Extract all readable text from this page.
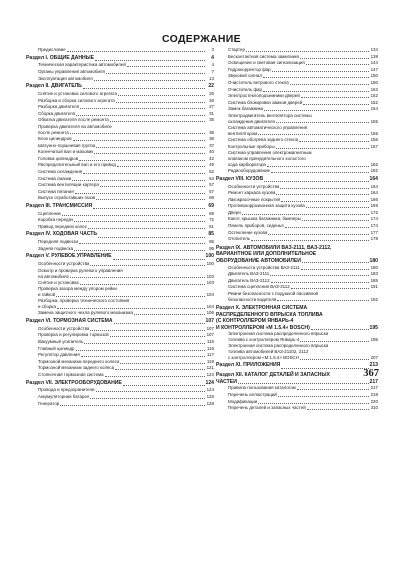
СОДЕРЖАНИЕ
Предисловие	3
Раздел I. ОБЩИЕ ДАННЫЕ	4
Техническая характеристика автомобилей	4
Органы управления автомобиля	7
Эксплуатация автомобиля	13
Раздел II. ДВИГАТЕЛЬ	22
Снятие и установка силового агрегата	25
Разборка и сборка силового агрегата	26
Разборка двигателя	27
Сборка двигателя	31
Обкатка двигателя после ремонта	35
Проверка двигателя на автомобиле
после ремонта	36
Блок цилиндров	36
Шатунно-поршневая группа	37
Коленчатый вал и маховик	40
Головка цилиндров	42
Распределительный вал и его привод	49
Система охлаждения	52
Система смазки	54
Система вентиляции картера	57
Система питания	57
Выпуск отработавших газов	68
Раздел III. ТРАНСМИССИЯ	69
Сцепление	69
Коробка передач	72
Привод передних колес	81
Раздел IV. ХОДОВАЯ ЧАСТЬ	85
Передняя подвеска	85
Задняя подвеска	95
Раздел V. РУЛЕВОЕ УПРАВЛЕНИЕ	100
Особенности устройства	100
Осмотр и проверка рулевого управления
на автомобиле	103
Снятие и установка	103
Проверка зазора между упором рейки
и гайкой	104
Разборка, проверка технического состояния
и сборка	104
Замена защитного чехла рулевого механизма	106
Раздел VI. ТОРМОЗНАЯ СИСТЕМА	107
Особенности устройства	107
Проверка и регулировка тормозов	107
Вакуумный усилитель	115
Главный цилиндр	116
Регулятор давления	117
Тормозной механизм переднего колеса	119
Тормозной механизм заднего колеса	121
Стояночная тормозная система	123
Раздел VII. ЭЛЕКТРООБОРУДОВАНИЕ	124
Провода и предохранители	124
Аккумуляторная батарея	125
Генератор	128
Стартер	134
Бесконтактная система зажигания	138
Освещение и световая сигнализация	144
Гидрокорректор фар	147
Звуковой сигнал	150
Очиститель ветрового стекла	150
Очиститель фар	152
Электростеклоподъемники дверей	152
Система блокировки замков дверей	152
Замок багажника	154
Электродвигатель вентилятора системы
охлаждения двигателя	155
Система автоматического управления
вентилятором	155
Система обогрева заднего стекла	156
Контрольные приборы	157
Система управления электромагнитным
клапаном принудительного холостого
хода карбюратора	162
Радиооборудование	162
Раздел VIII. КУЗОВ	164
Особенности устройства	164
Ремонт каркаса кузова	164
Лакокрасочные покрытия	166
Противокоррозионная защита кузова	169
Двери	172
Капот, крышка багажника, бамперы	174
Панель приборов, сиденья	174
Остекление кузова	177
Отопитель	178
Раздел IX. АВТОМОБИЛИ ВАЗ-2111, ВАЗ-2112,
ВАРИАНТНОЕ ИЛИ ДОПОЛНИТЕЛЬНОЕ
ОБОРУДОВАНИЕ АВТОМОБИЛЕЙ	180
Особенности устройства ВАЗ-2111	180
Двигатель ВАЗ-2111	183
Двигатель ВАЗ-2112	185
Система сцепления ВАЗ-2112	191
Ремни безопасности с подушкой пассивной
безопасности водителя	192
Раздел X. ЭЛЕКТРОННАЯ СИСТЕМА
РАСПРЕДЕЛЕННОГО ВПРЫСКА ТОПЛИВА
(С КОНТРОЛЛЕРОМ ЯНВАРЬ-4
И КОНТРОЛЛЕРОМ «М 1.5.4» BOSCH)	195
Электронная система распределенного впрыска
топлива с контроллером Январь-4	195
Электронная система распределенного впрыска
топлива автомобилей ВАЗ-21102, 2112
с контроллером «М 1.5.4» BOSCH	207
Раздел XI. ПРИЛОЖЕНИЯ	213
Раздел XII. КАТАЛОГ ДЕТАЛЕЙ И ЗАПАСНЫХ
ЧАСТЕЙ	217
Правила пользования каталогом	217
Перечень иллюстраций	218
Модификации	220
Перечень деталей и запасных частей	310
367
